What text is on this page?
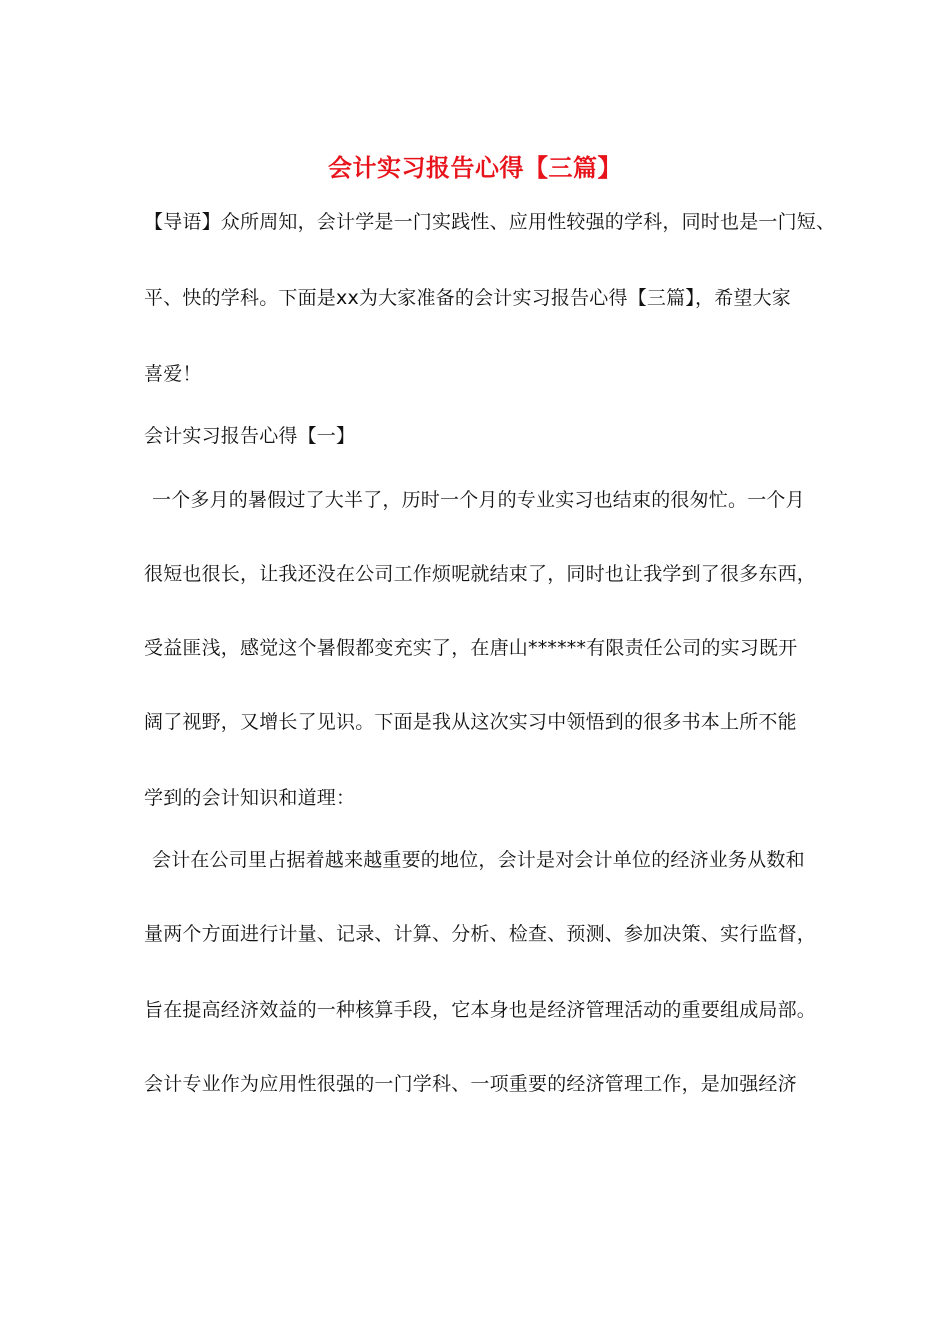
会计实习报告心得【三篇】
【导语】众所周知，会计学是一门实践性、应用性较强的学科，同时也是一门短、
平、快的学科。下面是xx为大家准备的会计实习报告心得【三篇】，希望大家
喜爱！
会计实习报告心得【一】
一个多月的暑假过了大半了，历时一个月的专业实习也结束的很匆忙。一个月
很短也很长，让我还没在公司工作烦呢就结束了，同时也让我学到了很多东西，
受益匪浅，感觉这个暑假都变充实了，在唐山******有限责任公司的实习既开
阔了视野，又增长了见识。下面是我从这次实习中领悟到的很多书本上所不能
学到的会计知识和道理：
会计在公司里占据着越来越重要的地位，会计是对会计单位的经济业务从数和
量两个方面进行计量、记录、计算、分析、检查、预测、参加决策、实行监督，
旨在提高经济效益的一种核算手段，它本身也是经济管理活动的重要组成局部。
会计专业作为应用性很强的一门学科、一项重要的经济管理工作，是加强经济
